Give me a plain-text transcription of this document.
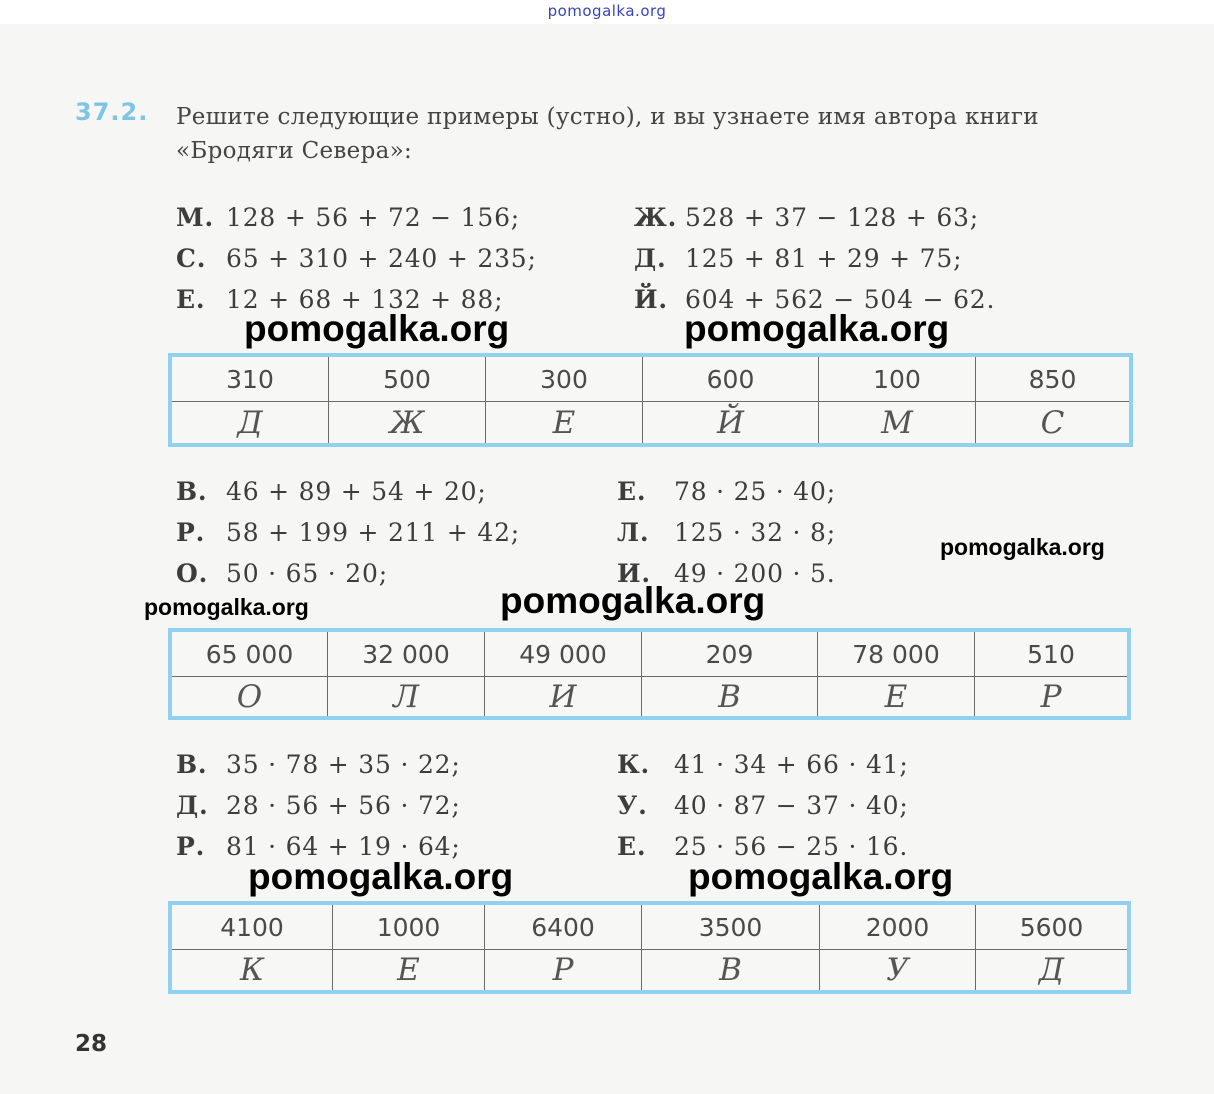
pomogalka.org
37.2. Решите следующие примеры (устно), и вы узнаете имя автора книги «Бродяги Севера»:
М. 128 + 56 + 72 − 156;
С. 65 + 310 + 240 + 235;
Е. 12 + 68 + 132 + 88;
Ж. 528 + 37 − 128 + 63;
Д. 125 + 81 + 29 + 75;
Й. 604 + 562 − 504 − 62.
pomogalka.org	pomogalka.org
310	500	300	600	100	850
Д	Ж	Е	Й	М	С
В. 46 + 89 + 54 + 20;
Р. 58 + 199 + 211 + 42;
О. 50 · 65 · 20;
Е. 78 · 25 · 40;
Л. 125 · 32 · 8;
И. 49 · 200 · 5.
pomogalka.org
pomogalka.org	pomogalka.org
65 000	32 000	49 000	209	78 000	510
О	Л	И	В	Е	Р
В. 35 · 78 + 35 · 22;
Д. 28 · 56 + 56 · 72;
Р. 81 · 64 + 19 · 64;
К. 41 · 34 + 66 · 41;
У. 40 · 87 − 37 · 40;
Е. 25 · 56 − 25 · 16.
pomogalka.org	pomogalka.org
4100	1000	6400	3500	2000	5600
К	Е	Р	В	У	Д
28
